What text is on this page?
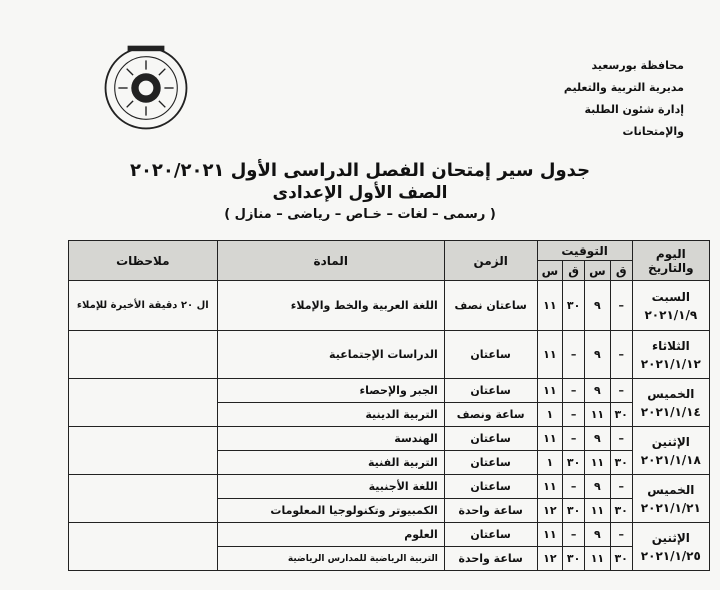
محافظة بورسعيد
مديرية التربية والتعليم
إدارة شئون الطلبة والإمتحانات
جدول سير إمتحان الفصل الدراسى الأول ٢٠٢٠/٢٠٢١
الصف الأول الإعدادى
( رسمى – لغات – خـاص – رياضى – منازل )
اليوم والتاريخ	التوقيت				الزمن	المادة	ملاحظات
	ق	س	ق	س			

السبت
٢٠٢١/١/٩	–	٩	٣٠	١١	ساعتان نصف	اللغة العربية والخط والإملاء	ال ٢٠ دقيقة الأخيرة للإملاء

الثلاثاء
٢٠٢١/١/١٢	–	٩	–	١١	ساعتان	الدراسات الإجتماعية	

الخميس
٢٠٢١/١/١٤	–	٩	–	١١	ساعتان	الجبر والإحصاء	
	٣٠	١١	–	١	ساعة ونصف	التربية الدينية	

الإثنين
٢٠٢١/١/١٨	–	٩	–	١١	ساعتان	الهندسة	
	٣٠	١١	٣٠	١	ساعتان	التربية الفنية	

الخميس
٢٠٢١/١/٢١	–	٩	–	١١	ساعتان	اللغة الأجنبية	
	٣٠	١١	٣٠	١٢	ساعة واحدة	الكمبيوتر وتكنولوجيا المعلومات	

الإثنين
٢٠٢١/١/٢٥	–	٩	–	١١	ساعتان	العلوم	
	٣٠	١١	٣٠	١٢	ساعة واحدة	التربية الرياضية للمدارس الرياضية	
